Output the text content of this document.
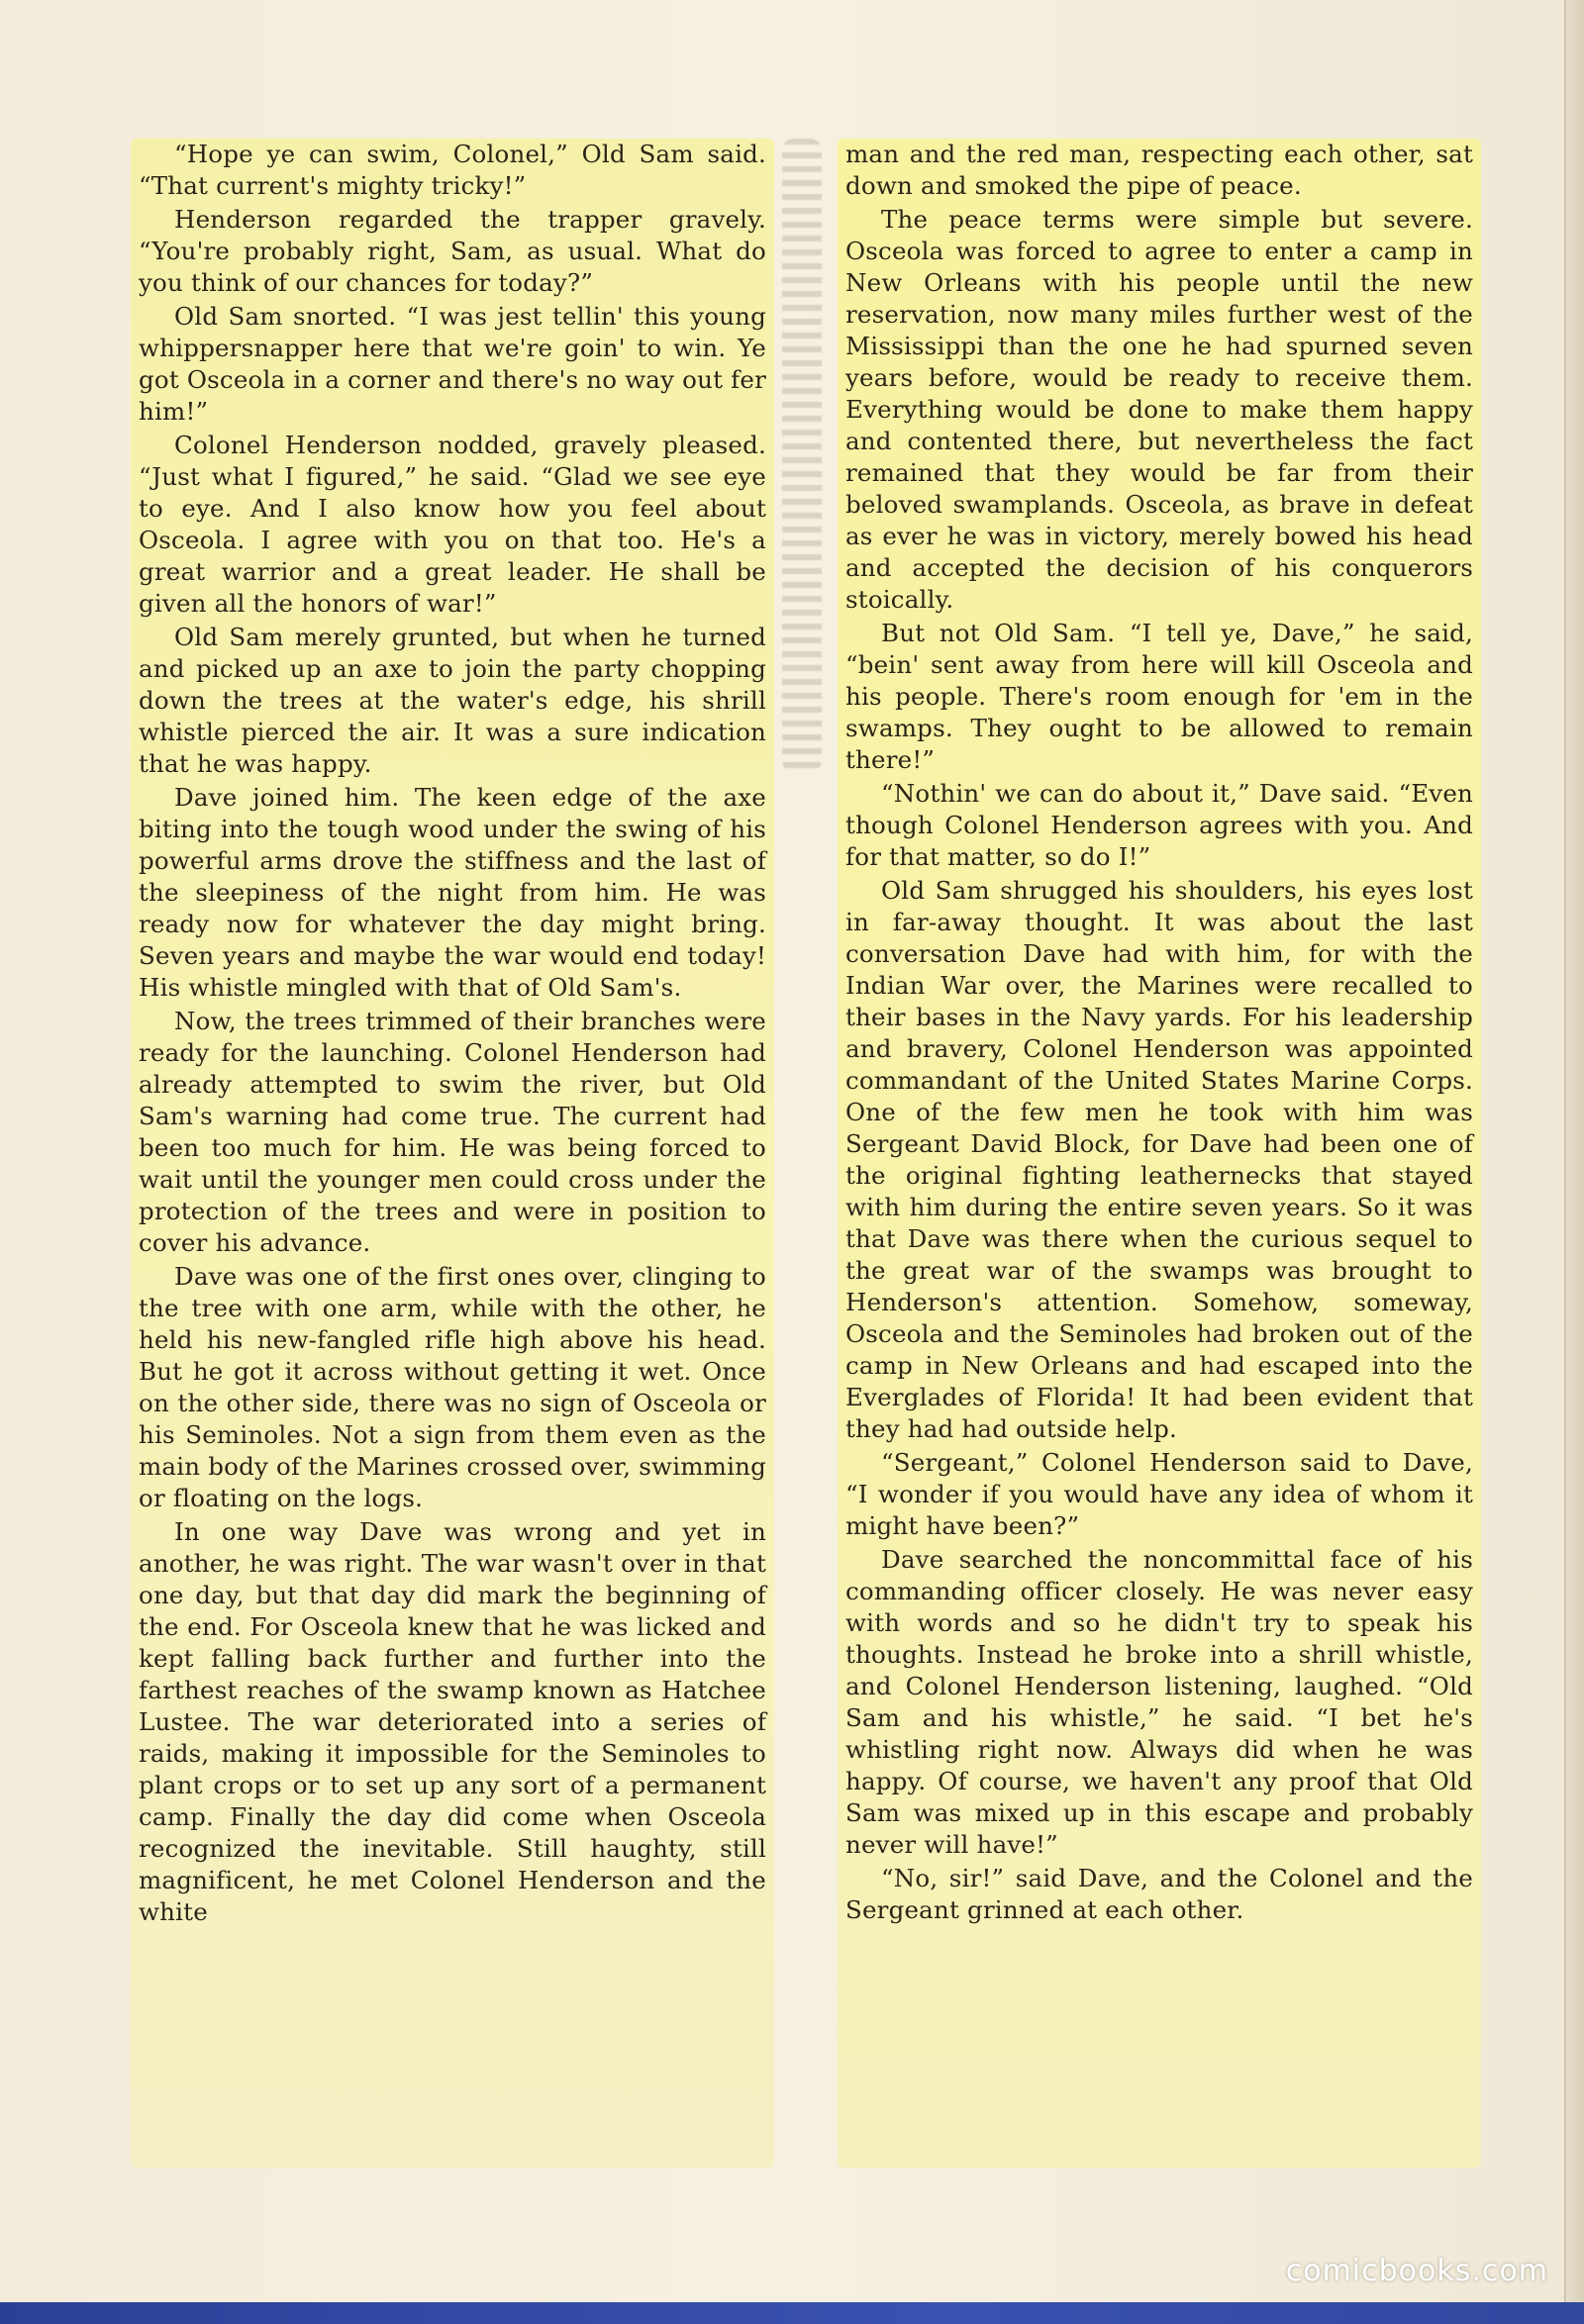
“Hope ye can swim, Colonel,” Old Sam said. “That current's mighty tricky!”

Henderson regarded the trapper gravely. “You're probably right, Sam, as usual. What do you think of our chances for today?”

Old Sam snorted. “I was jest tellin' this young whippersnapper here that we're goin' to win. Ye got Osceola in a corner and there's no way out fer him!”

Colonel Henderson nodded, gravely pleased. “Just what I figured,” he said. “Glad we see eye to eye. And I also know how you feel about Osceola. I agree with you on that too. He's a great warrior and a great leader. He shall be given all the honors of war!”

Old Sam merely grunted, but when he turned and picked up an axe to join the party chopping down the trees at the water's edge, his shrill whistle pierced the air. It was a sure indication that he was happy.

Dave joined him. The keen edge of the axe biting into the tough wood under the swing of his powerful arms drove the stiffness and the last of the sleepiness of the night from him. He was ready now for whatever the day might bring. Seven years and maybe the war would end today! His whistle mingled with that of Old Sam's.

Now, the trees trimmed of their branches were ready for the launching. Colonel Henderson had already attempted to swim the river, but Old Sam's warning had come true. The current had been too much for him. He was being forced to wait until the younger men could cross under the protection of the trees and were in position to cover his advance.

Dave was one of the first ones over, clinging to the tree with one arm, while with the other, he held his new-fangled rifle high above his head. But he got it across without getting it wet. Once on the other side, there was no sign of Osceola or his Seminoles. Not a sign from them even as the main body of the Marines crossed over, swimming or floating on the logs.

In one way Dave was wrong and yet in another, he was right. The war wasn't over in that one day, but that day did mark the beginning of the end. For Osceola knew that he was licked and kept falling back further and further into the farthest reaches of the swamp known as Hatchee Lustee. The war deteriorated into a series of raids, making it impossible for the Seminoles to plant crops or to set up any sort of a permanent camp. Finally the day did come when Osceola recognized the inevitable. Still haughty, still magnificent, he met Colonel Henderson and the white

man and the red man, respecting each other, sat down and smoked the pipe of peace.

The peace terms were simple but severe. Osceola was forced to agree to enter a camp in New Orleans with his people until the new reservation, now many miles further west of the Mississippi than the one he had spurned seven years before, would be ready to receive them. Everything would be done to make them happy and contented there, but nevertheless the fact remained that they would be far from their beloved swamplands. Osceola, as brave in defeat as ever he was in victory, merely bowed his head and accepted the decision of his conquerors stoically.

But not Old Sam. “I tell ye, Dave,” he said, “bein' sent away from here will kill Osceola and his people. There's room enough for 'em in the swamps. They ought to be allowed to remain there!”

“Nothin' we can do about it,” Dave said. “Even though Colonel Henderson agrees with you. And for that matter, so do I!”

Old Sam shrugged his shoulders, his eyes lost in far-away thought. It was about the last conversation Dave had with him, for with the Indian War over, the Marines were recalled to their bases in the Navy yards. For his leadership and bravery, Colonel Henderson was appointed commandant of the United States Marine Corps. One of the few men he took with him was Sergeant David Block, for Dave had been one of the original fighting leathernecks that stayed with him during the entire seven years. So it was that Dave was there when the curious sequel to the great war of the swamps was brought to Henderson's attention. Somehow, someway, Osceola and the Seminoles had broken out of the camp in New Orleans and had escaped into the Everglades of Florida! It had been evident that they had had outside help.

“Sergeant,” Colonel Henderson said to Dave, “I wonder if you would have any idea of whom it might have been?”

Dave searched the noncommittal face of his commanding officer closely. He was never easy with words and so he didn't try to speak his thoughts. Instead he broke into a shrill whistle, and Colonel Henderson listening, laughed. “Old Sam and his whistle,” he said. “I bet he's whistling right now. Always did when he was happy. Of course, we haven't any proof that Old Sam was mixed up in this escape and probably never will have!”

“No, sir!” said Dave, and the Colonel and the Sergeant grinned at each other.

comicbooks.com
